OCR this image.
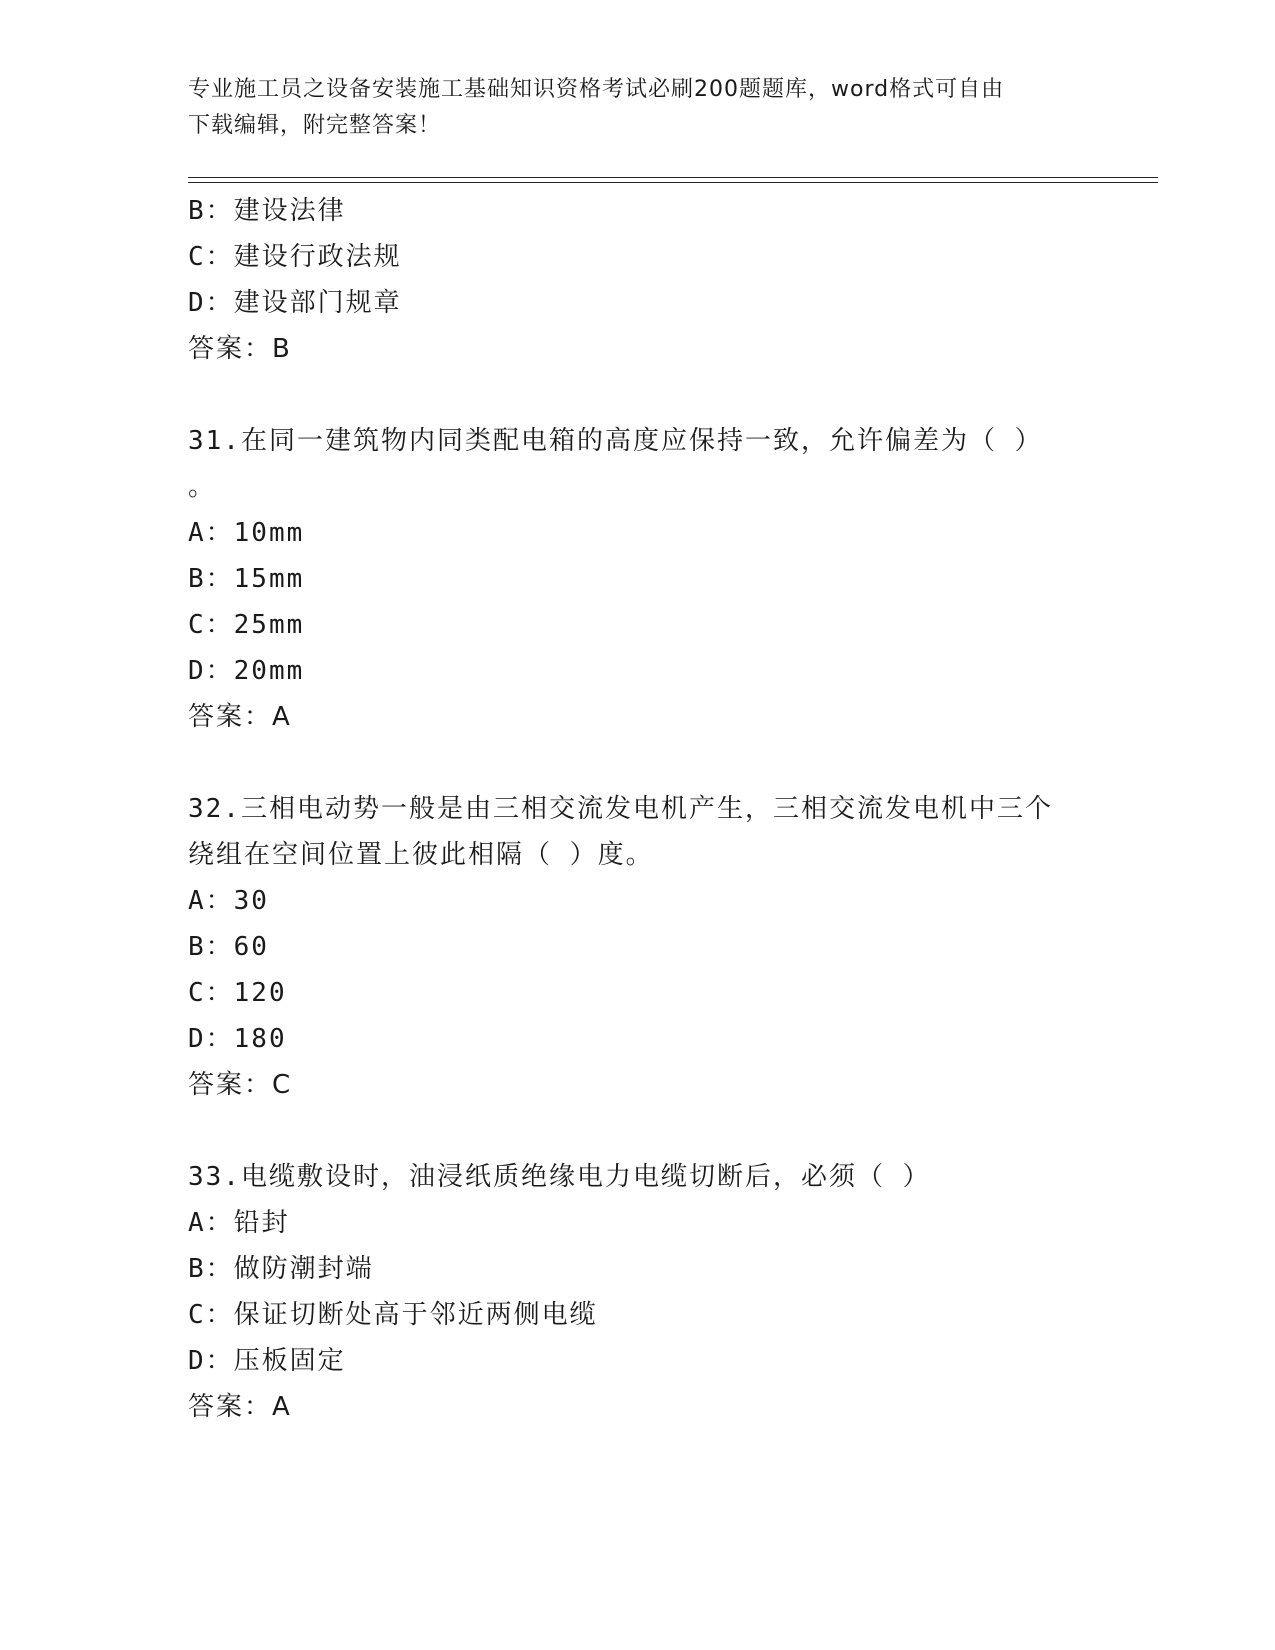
专业施工员之设备安装施工基础知识资格考试必刷200题题库，word格式可自由
下载编辑，附完整答案！
B：建设法律
C：建设行政法规
D：建设部门规章
答案：B
31.在同一建筑物内同类配电箱的高度应保持一致，允许偏差为（ ）
。
A：10mm
B：15mm
C：25mm
D：20mm
答案：A
32.三相电动势一般是由三相交流发电机产生，三相交流发电机中三个
绕组在空间位置上彼此相隔（ ）度。
A：30
B：60
C：120
D：180
答案：C
33.电缆敷设时，油浸纸质绝缘电力电缆切断后，必须（ ）
A：铅封
B：做防潮封端
C：保证切断处高于邻近两侧电缆
D：压板固定
答案：A
